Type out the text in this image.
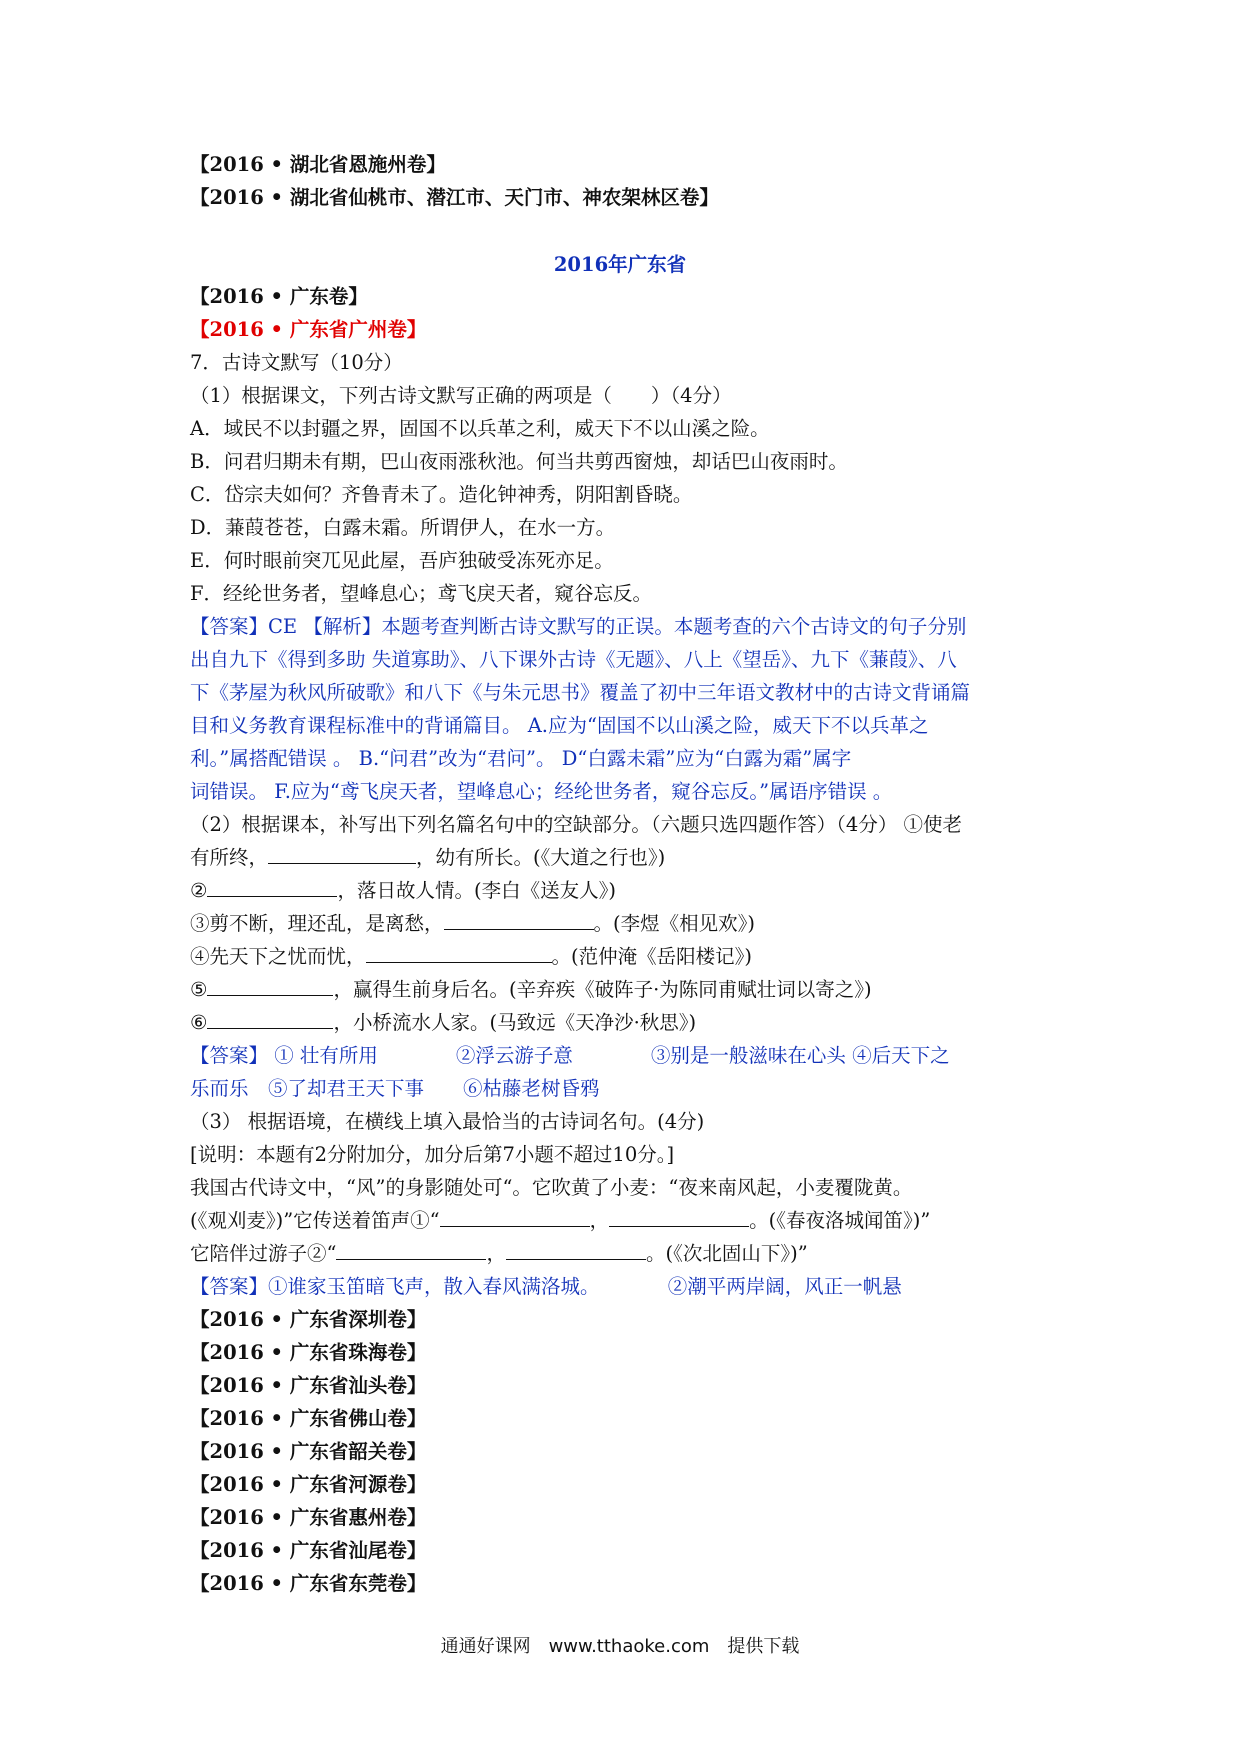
【2016 • 湖北省恩施州卷】

【2016 • 湖北省仙桃市、潜江市、天门市、神农架林区卷】

【2016 • 广东卷】

【2016 • 广东省广州卷】

7．古诗文默写（10分）

（1）根据课文，下列古诗文默写正确的两项是（　　）（4分）

A．域民不以封疆之界，固国不以兵革之利，威天下不以山溪之险。

B．问君归期未有期，巴山夜雨涨秋池。何当共剪西窗烛，却话巴山夜雨时。

C．岱宗夫如何？齐鲁青未了。造化钟神秀，阴阳割昏晓。

D．蒹葭苍苍，白露未霜。所谓伊人，在水一方。

E．何时眼前突兀见此屋，吾庐独破受冻死亦足。

F．经纶世务者，望峰息心；鸢飞戾天者，窥谷忘反。

【答案】CE 【解析】本题考查判断古诗文默写的正误。本题考查的六个古诗文的句子分别

出自九下《得到多助 失道寡助》、八下课外古诗《无题》、八上《望岳》、九下《蒹葭》、八

下《茅屋为秋风所破歌》和八下《与朱元思书》覆盖了初中三年语文教材中的古诗文背诵篇

目和义务教育课程标准中的背诵篇目。 A.应为“固国不以山溪之险，威天下不以兵革之

利。”属搭配错误 。 B.“问君”改为“君问”。 D“白露未霜”应为“白露为霜”属字

词错误。 F.应为“鸢飞戾天者，望峰息心；经纶世务者，窥谷忘反。”属语序错误 。

（2）根据课本，补写出下列名篇名句中的空缺部分。（六题只选四题作答）（4分） ①使老

有所终，	，幼有所长。(《大道之行也》)

②	，落日故人情。(李白《送友人》)

③剪不断，理还乱，是离愁，	。(李煜《相见欢》)

④先天下之忧而忧，	。(范仲淹《岳阳楼记》)

⑤	，赢得生前身后名。(辛弃疾《破阵子·为陈同甫赋壮词以寄之》)

⑥	，小桥流水人家。(马致远《天净沙·秋思》)

【答案】 ① 壮有所用　　　　②浮云游子意　　　　③别是一般滋味在心头 ④后天下之

乐而乐　⑤了却君王天下事　　⑥枯藤老树昏鸦

（3） 根据语境，在横线上填入最恰当的古诗词名句。(4分)

[说明：本题有2分附加分，加分后第7小题不超过10分。]

我国古代诗文中，“风”的身影随处可“。它吹黄了小麦：“夜来南风起，小麦覆陇黄。

(《观刈麦》)”它传送着笛声①“	，	。(《春夜洛城闻笛》)”

它陪伴过游子②“	，	。(《次北固山下》)”

【答案】①谁家玉笛暗飞声，散入春风满洛城。　　　　②潮平两岸阔，风正一帆悬

【2016 • 广东省深圳卷】

【2016 • 广东省珠海卷】

【2016 • 广东省汕头卷】

【2016 • 广东省佛山卷】

【2016 • 广东省韶关卷】

【2016 • 广东省河源卷】

【2016 • 广东省惠州卷】

【2016 • 广东省汕尾卷】

【2016 • 广东省东莞卷】

2016年广东省
通通好课网　www.tthaoke.com　提供下载
